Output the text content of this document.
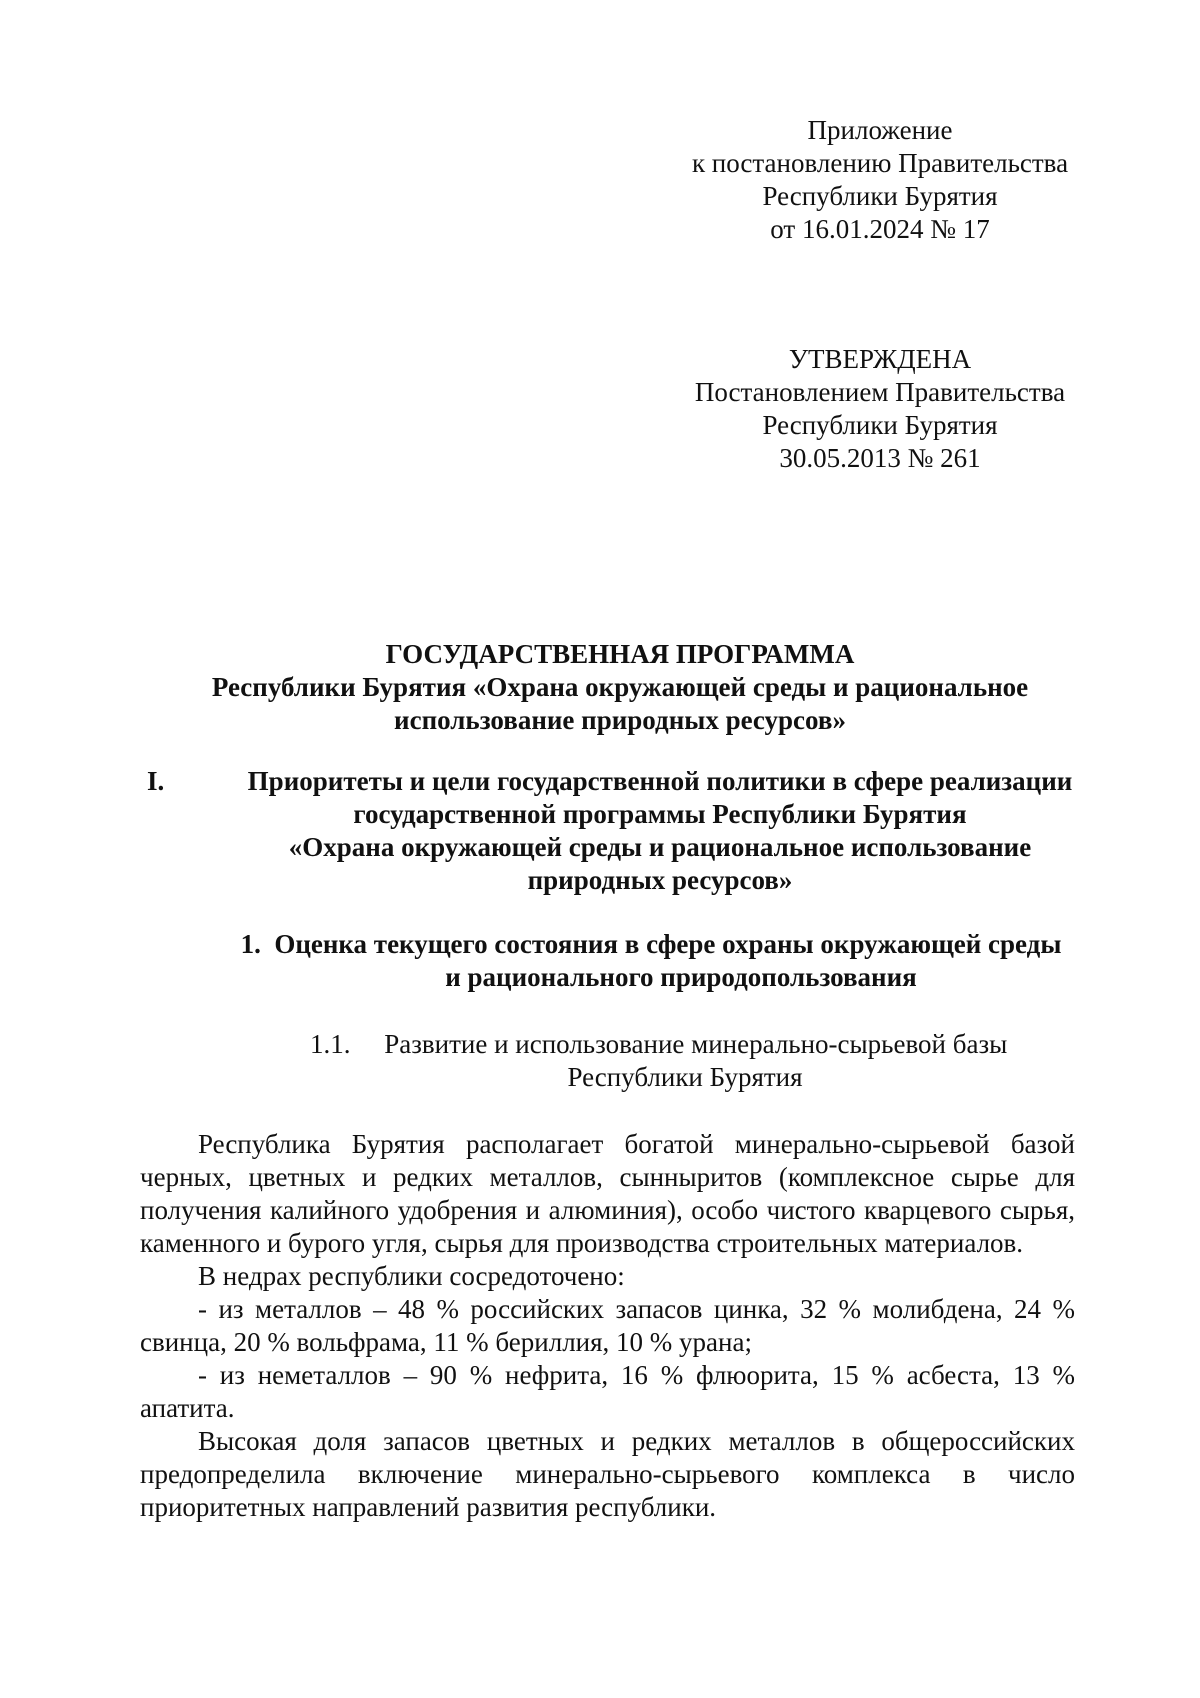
Приложение
к постановлению Правительства
Республики Бурятия
от 16.01.2024 № 17
УТВЕРЖДЕНА
Постановлением Правительства
Республики Бурятия
30.05.2013 № 261
ГОСУДАРСТВЕННАЯ ПРОГРАММА
Республики Бурятия «Охрана окружающей среды и рациональное
использование природных ресурсов»
I.	Приоритеты и цели государственной политики в сфере реализации
государственной программы Республики Бурятия
«Охрана окружающей среды и рациональное использование
природных ресурсов»
1.  Оценка текущего состояния в сфере охраны окружающей среды
и рационального природопользования
1.1.     Развитие и использование минерально-сырьевой базы
Республики Бурятия

Республика Бурятия располагает богатой минерально-сырьевой базой черных, цветных и редких металлов, сынныритов (комплексное сырье для получения калийного удобрения и алюминия), особо чистого кварцевого сырья, каменного и бурого угля, сырья для производства строительных материалов.

В недрах республики сосредоточено:

- из металлов – 48 % российских запасов цинка, 32 % молибдена, 24 % свинца, 20 % вольфрама, 11 % бериллия, 10 % урана;

- из неметаллов – 90 % нефрита, 16 % флюорита, 15 % асбеста, 13 % апатита.

Высокая доля запасов цветных и редких металлов в общероссийских предопределила включение минерально-сырьевого комплекса в число приоритетных направлений развития республики.
